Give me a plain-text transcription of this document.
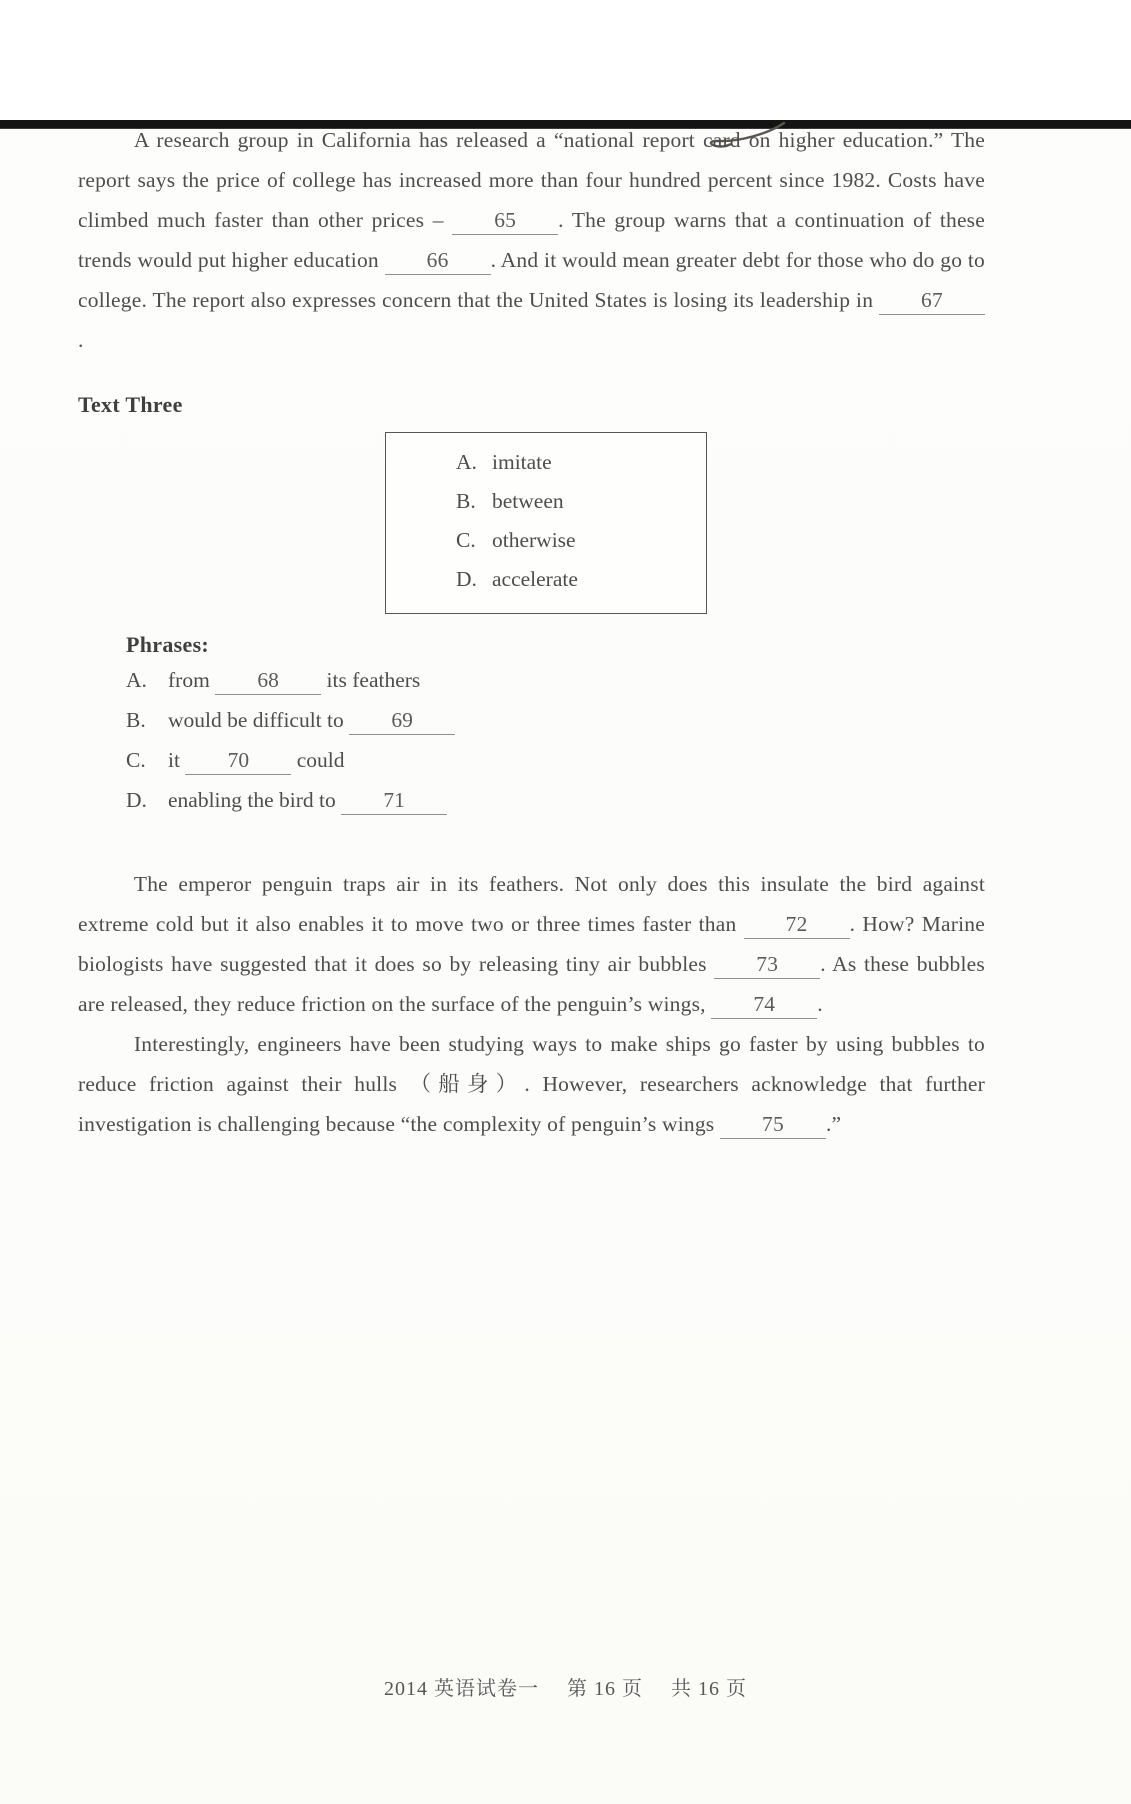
A research group in California has released a “national report card on higher education.” The report says the price of college has increased more than four hundred percent since 1982. Costs have climbed much faster than other prices – 65 . The group warns that a continuation of these trends would put higher education 66 . And it would mean greater debt for those who do go to college. The report also expresses concern that the United States is losing its leadership in 67.

Text Three
A. imitate
B. between
C. otherwise
D. accelerate
Phrases:
A. from 68 its feathers
B. would be difficult to 69
C. it 70 could
D. enabling the bird to 71

The emperor penguin traps air in its feathers. Not only does this insulate the bird against extreme cold but it also enables it to move two or three times faster than 72 . How? Marine biologists have suggested that it does so by releasing tiny air bubbles 73 . As these bubbles are released, they reduce friction on the surface of the penguin’s wings, 74 .

Interestingly, engineers have been studying ways to make ships go faster by using bubbles to reduce friction against their hulls （船身）. However, researchers acknowledge that further investigation is challenging because “the complexity of penguin’s wings 75 .”

2014 英语试卷一 第 16 页 共 16 页
